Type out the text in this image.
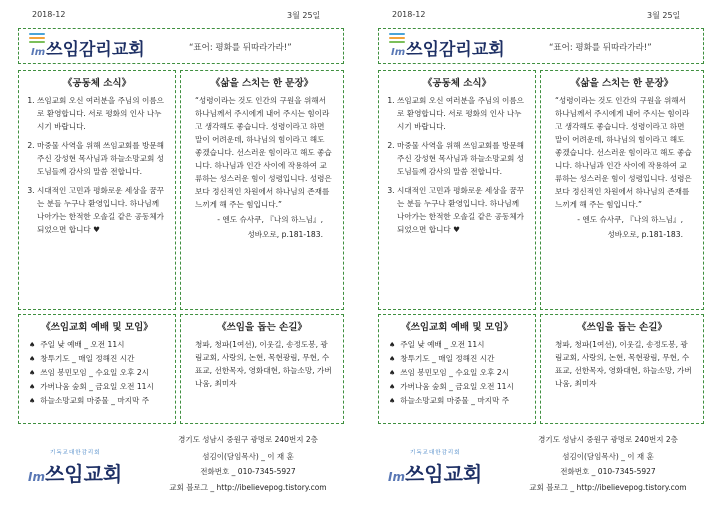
2018-12	3월 25일
Im쓰임감리교회	“표어: 평화를 뒤따라가라!”
《공동체 소식》
1. 쓰임교회 오신 여러분을 주님의 이름으로 환영합니다. 서로 평화의 인사 나누시기 바랍니다.
2. 마중물 사역을 위해 쓰임교회를 방문해 주신 강성현 목사님과 하늘소망교회 성도님들께 감사의 말씀 전합니다.
3. 시대적인 고민과 평화로운 세상을 꿈꾸는 분들 누구나 환영입니다. 하나님께 나아가는 한적한 오솔길 같은 공동체가 되었으면 합니다 ♥
《삶을 스치는 한 문장》
“성령이라는 것도 인간의 구원을 위해서 하나님께서 주시에게 내어 주시는 힘이라고 생각해도 좋습니다. 성령이라고 하면 말이 어려운데, 하나님의 힘이라고 해도 좋겠습니다. 선스러운 힘이라고 해도 좋습니다. 하나님과 인간 사이에 작용하여 교류하는 성스러운 힘이 성령입니다. 성령은 보다 정신적인 차원에서 하나님의 존재를 느끼게 해 주는 힘입니다.”
- 엔도 슈사쿠, 『나의 하느님』,
성바오로, p.181-183.
《쓰임교회 예배 및 모임》
♠ 주일 낮 예배 _ 오전 11시
♠ 창투기도 _ 매일 정해진 시간
♠ 쓰임 봉민모임 _ 수요일 오후 2시
♠ 가버나움 숲회 _ 금요일 오전 11시
♠ 하늘소망교회 마중물 _ 마지막 주
《쓰임을 돕는 손길》
청파, 청파(1여선), 이웃길, 송정도봉, 광림교회, 사랑의, 논현, 목현광림, 무현, 수표교, 선한목자, 영화대현, 하늘소망, 가버나움, 최미자
기독교대한감리회
Im쓰임교회
경기도 성남시 중원구 광명로 240번지 2층
섬김이(담임목사) _ 이 재 훈
전화번호 _ 010-7345-5927
교회 블로그 _ http://ibelievepog.tistory.com
2018-12	3월 25일
Im쓰임감리교회	“표어: 평화를 뒤따라가라!”
《공동체 소식》
1. 쓰임교회 오신 여러분을 주님의 이름으로 환영합니다. 서로 평화의 인사 나누시기 바랍니다.
2. 마중물 사역을 위해 쓰임교회를 방문해 주신 강성현 목사님과 하늘소망교회 성도님들께 감사의 말씀 전합니다.
3. 시대적인 고민과 평화로운 세상을 꿈꾸는 분들 누구나 환영입니다. 하나님께 나아가는 한적한 오솔길 같은 공동체가 되었으면 합니다 ♥
《삶을 스치는 한 문장》
“성령이라는 것도 인간의 구원을 위해서 하나님께서 주시에게 내어 주시는 힘이라고 생각해도 좋습니다. 성령이라고 하면 말이 어려운데, 하나님의 힘이라고 해도 좋겠습니다. 선스러운 힘이라고 해도 좋습니다. 하나님과 인간 사이에 작용하여 교류하는 성스러운 힘이 성령입니다. 성령은 보다 정신적인 차원에서 하나님의 존재를 느끼게 해 주는 힘입니다.”
- 엔도 슈사쿠, 『나의 하느님』,
성바오로, p.181-183.
《쓰임교회 예배 및 모임》
♠ 주일 낮 예배 _ 오전 11시
♠ 창투기도 _ 매일 정해진 시간
♠ 쓰임 봉민모임 _ 수요일 오후 2시
♠ 가버나움 숲회 _ 금요일 오전 11시
♠ 하늘소망교회 마중물 _ 마지막 주
《쓰임을 돕는 손길》
청파, 청파(1여선), 이웃길, 송정도봉, 광림교회, 사랑의, 논현, 목현광림, 무현, 수표교, 선한목자, 영화대현, 하늘소망, 가버나움, 최미자
기독교대한감리회
Im쓰임교회
경기도 성남시 중원구 광명로 240번지 2층
섬김이(담임목사) _ 이 재 훈
전화번호 _ 010-7345-5927
교회 블로그 _ http://ibelievepog.tistory.com
